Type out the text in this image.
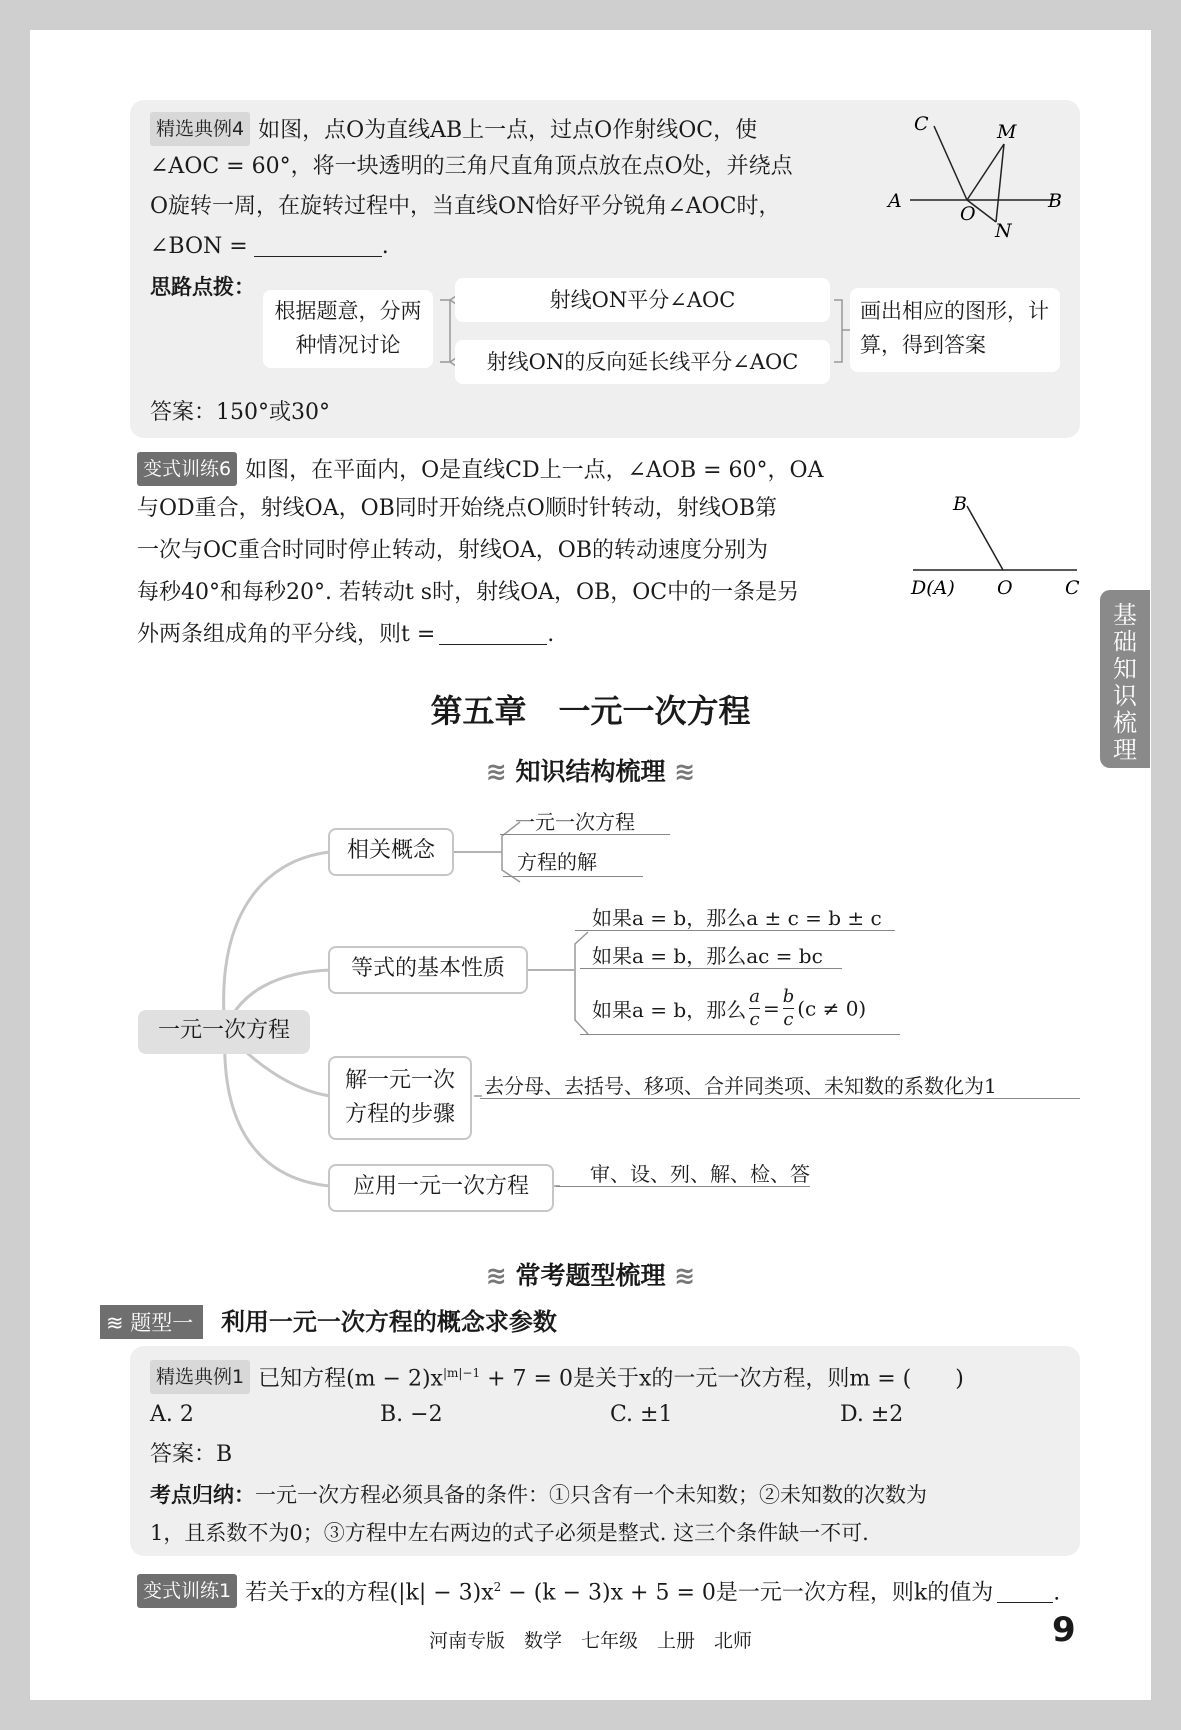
基础知识梳理
精选典例4 如图，点O为直线AB上一点，过点O作射线OC，使
∠AOC = 60°，将一块透明的三角尺直角顶点放在点O处，并绕点
O旋转一周，在旋转过程中，当直线ON恰好平分锐角∠AOC时，
∠BON =	.
C	M
A
O
B
N
思路点拨：
根据题意，分两种情况讨论
射线ON平分∠AOC
射线ON的反向延长线平分∠AOC
画出相应的图形，计算，得到答案
答案：150°或30°
变式训练6 如图，在平面内，O是直线CD上一点，∠AOB = 60°，OA
与OD重合，射线OA，OB同时开始绕点O顺时针转动，射线OB第
一次与OC重合时同时停止转动，射线OA，OB的转动速度分别为
每秒40°和每秒20°. 若转动t s时，射线OA，OB，OC中的一条是另
外两条组成角的平分线，则t =	.
B
D(A) O	C
第五章　一元一次方程
≋ 知识结构梳理 ≋
一元一次方程
相关概念
一元一次方程
方程的解
等式的基本性质
如果a = b，那么a ± c = b ± c
如果a = b，那么ac = bc
如果a = b，那么 $\frac{a}{c} = \frac{b}{c} (c \ne 0)$
解一元一次
方程的步骤
去分母、去括号、移项、合并同类项、未知数的系数化为1
应用一元一次方程	审、设、列、解、检、答
≋ 常考题型梳理 ≋
≋ 题型一 利用一元一次方程的概念求参数
精选典例1 已知方程$(m - 2)x^{|m|-1} + 7 = 0$是关于x的一元一次方程，则m = (　　)
A. 2	B. −2	C. ±1	D. ±2
答案：B
考点归纳：一元一次方程必须具备的条件：①只含有一个未知数；②未知数的次数为
1，且系数不为0；③方程中左右两边的式子必须是整式. 这三个条件缺一不可.
变式训练1 若关于x的方程$(|k| - 3)x^2 - (k - 3)x + 5 = 0$是一元一次方程，则k的值为	.
河南专版　数学　七年级　上册　北师	9
